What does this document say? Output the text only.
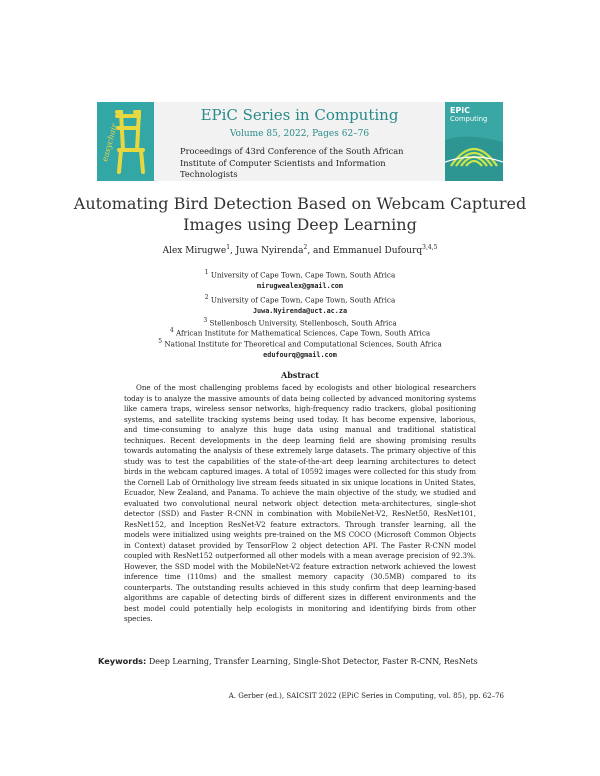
easychair
EPiC
Computing
EPiC Series in Computing
Volume 85, 2022, Pages 62–76
Proceedings of 43rd Conference of the South African Institute of Computer Scientists and Information Technologists
Automating Bird Detection Based on Webcam Captured Images using Deep Learning
Alex Mirugwe$^1$, Juwa Nyirenda$^2$, and Emmanuel Dufourq$^{3,4,5}$
$^1$ University of Cape Town, Cape Town, South Africa
mirugwealex@gmail.com
$^2$ University of Cape Town, Cape Town, South Africa
Juwa.Nyirenda@uct.ac.za
$^3$ Stellenbosch University, Stellenbosch, South Africa
$^4$ African Institute for Mathematical Sciences, Cape Town, South Africa
$^5$ National Institute for Theoretical and Computational Sciences, South Africa
edufourq@gmail.com
Abstract
One of the most challenging problems faced by ecologists and other biological researchers today is to analyze the massive amounts of data being collected by advanced monitoring systems like camera traps, wireless sensor networks, high-frequency radio trackers, global positioning systems, and satellite tracking systems being used today. It has become expensive, laborious, and time-consuming to analyze this huge data using manual and traditional statistical techniques. Recent developments in the deep learning field are showing promising results towards automating the analysis of these extremely large datasets. The primary objective of this study was to test the capabilities of the state-of-the-art deep learning architectures to detect birds in the webcam captured images. A total of 10592 images were collected for this study from the Cornell Lab of Ornithology live stream feeds situated in six unique locations in United States, Ecuador, New Zealand, and Panama. To achieve the main objective of the study, we studied and evaluated two convolutional neural network object detection meta-architectures, single-shot detector (SSD) and Faster R-CNN in combination with MobileNet-V2, ResNet50, ResNet101, ResNet152, and Inception ResNet-V2 feature extractors. Through transfer learning, all the models were initialized using weights pre-trained on the MS COCO (Microsoft Common Objects in Context) dataset provided by TensorFlow 2 object detection API. The Faster R-CNN model coupled with ResNet152 outperformed all other models with a mean average precision of 92.3%. However, the SSD model with the MobileNet-V2 feature extraction network achieved the lowest inference time (110ms) and the smallest memory capacity (30.5MB) compared to its counterparts. The outstanding results achieved in this study confirm that deep learning-based algorithms are capable of detecting birds of different sizes in different environments and the best model could potentially help ecologists in monitoring and identifying birds from other species.
Keywords: Deep Learning, Transfer Learning, Single-Shot Detector, Faster R-CNN, ResNets
A. Gerber (ed.), SAICSIT 2022 (EPiC Series in Computing, vol. 85), pp. 62–76
